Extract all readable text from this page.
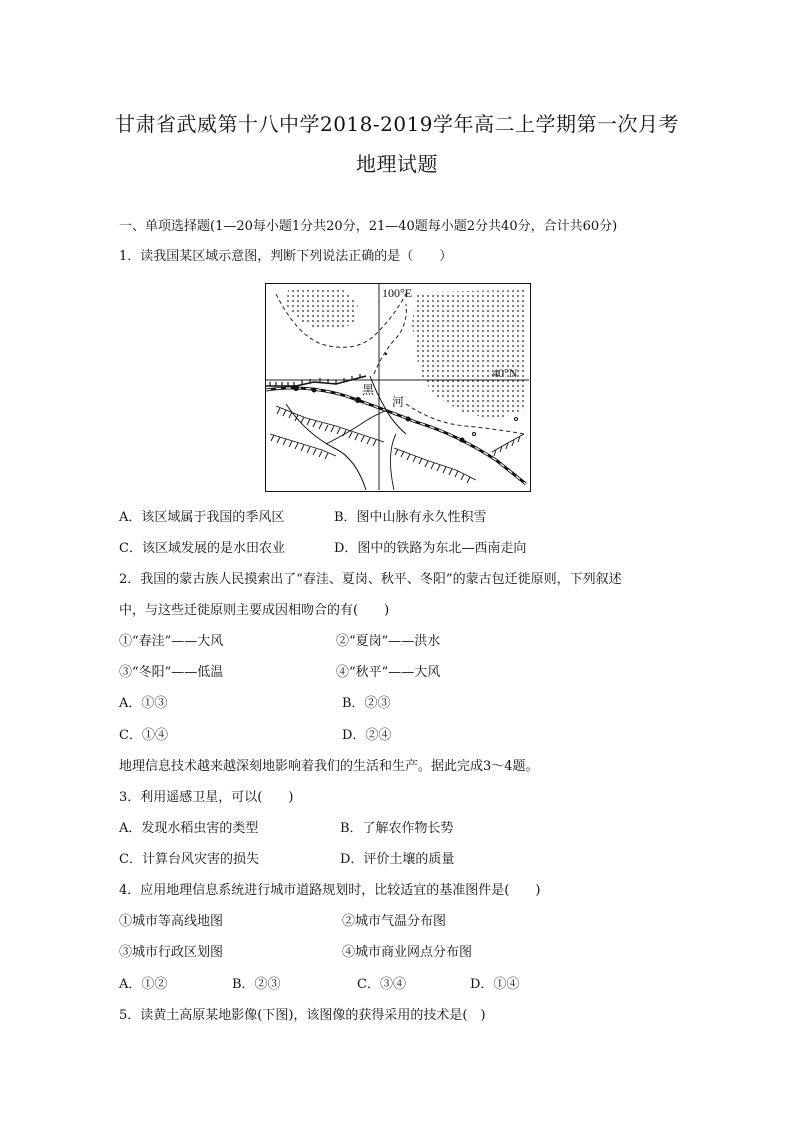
甘肃省武威第十八中学2018-2019学年高二上学期第一次月考
地理试题
一、单项选择题(1—20每小题1分共20分，21—40题每小题2分共40分，合计共60分)
1．读我国某区域示意图，判断下列说法正确的是（　　）
100°E
40°N
黑
河
A．该区域属于我国的季风区	B．图中山脉有永久性积雪
C．该区域发展的是水田农业	D．图中的铁路为东北—西南走向
2．我国的蒙古族人民摸索出了“春洼、夏岗、秋平、冬阳”的蒙古包迁徙原则，下列叙述
中，与这些迁徙原则主要成因相吻合的有(　　)
①“春洼”——大风	②“夏岗”——洪水
③“冬阳”——低温	④“秋平”——大风
A．①③	B．②③
C．①④	D．②④
地理信息技术越来越深刻地影响着我们的生活和生产。据此完成3～4题。
3．利用遥感卫星，可以(　　)
A．发现水稻虫害的类型	B．了解农作物长势
C．计算台风灾害的损失	D．评价土壤的质量
4．应用地理信息系统进行城市道路规划时，比较适宜的基准图件是(　　)
①城市等高线地图	②城市气温分布图
③城市行政区划图	④城市商业网点分布图
A．①②	B．②③	C．③④	D．①④
5．读黄土高原某地影像(下图)，该图像的获得采用的技术是(　)
